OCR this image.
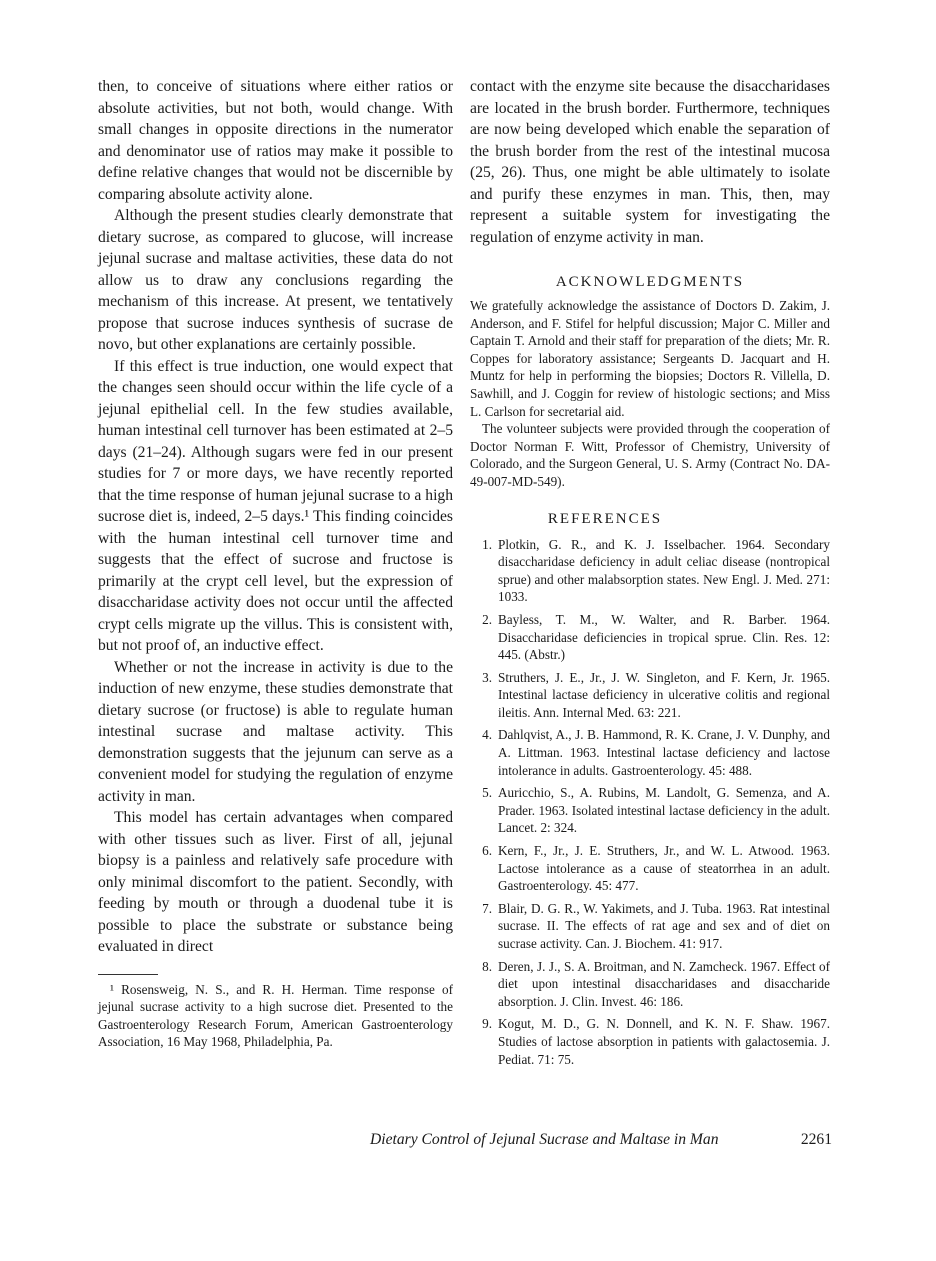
then, to conceive of situations where either ratios or absolute activities, but not both, would change. With small changes in opposite directions in the numerator and denominator use of ratios may make it possible to define relative changes that would not be discernible by comparing absolute activity alone.

Although the present studies clearly demonstrate that dietary sucrose, as compared to glucose, will increase jejunal sucrase and maltase activities, these data do not allow us to draw any conclusions regarding the mechanism of this increase. At present, we tentatively propose that sucrose induces synthesis of sucrase de novo, but other explanations are certainly possible.

If this effect is true induction, one would expect that the changes seen should occur within the life cycle of a jejunal epithelial cell. In the few studies available, human intestinal cell turnover has been estimated at 2–5 days (21–24). Although sugars were fed in our present studies for 7 or more days, we have recently reported that the time response of human jejunal sucrase to a high sucrose diet is, indeed, 2–5 days.¹ This finding coincides with the human intestinal cell turnover time and suggests that the effect of sucrose and fructose is primarily at the crypt cell level, but the expression of disaccharidase activity does not occur until the affected crypt cells migrate up the villus. This is consistent with, but not proof of, an inductive effect.

Whether or not the increase in activity is due to the induction of new enzyme, these studies demonstrate that dietary sucrose (or fructose) is able to regulate human intestinal sucrase and maltase activity. This demonstration suggests that the jejunum can serve as a convenient model for studying the regulation of enzyme activity in man.

This model has certain advantages when compared with other tissues such as liver. First of all, jejunal biopsy is a painless and relatively safe procedure with only minimal discomfort to the patient. Secondly, with feeding by mouth or through a duodenal tube it is possible to place the substrate or substance being evaluated in direct

¹ Rosensweig, N. S., and R. H. Herman. Time response of jejunal sucrase activity to a high sucrose diet. Presented to the Gastroenterology Research Forum, American Gastroenterology Association, 16 May 1968, Philadelphia, Pa.

contact with the enzyme site because the disaccharidases are located in the brush border. Furthermore, techniques are now being developed which enable the separation of the brush border from the rest of the intestinal mucosa (25, 26). Thus, one might be able ultimately to isolate and purify these enzymes in man. This, then, may represent a suitable system for investigating the regulation of enzyme activity in man.

ACKNOWLEDGMENTS

We gratefully acknowledge the assistance of Doctors D. Zakim, J. Anderson, and F. Stifel for helpful discussion; Major C. Miller and Captain T. Arnold and their staff for preparation of the diets; Mr. R. Coppes for laboratory assistance; Sergeants D. Jacquart and H. Muntz for help in performing the biopsies; Doctors R. Villella, D. Sawhill, and J. Coggin for review of histologic sections; and Miss L. Carlson for secretarial aid.

The volunteer subjects were provided through the cooperation of Doctor Norman F. Witt, Professor of Chemistry, University of Colorado, and the Surgeon General, U. S. Army (Contract No. DA-49-007-MD-549).

REFERENCES
1. Plotkin, G. R., and K. J. Isselbacher. 1964. Secondary disaccharidase deficiency in adult celiac disease (nontropical sprue) and other malabsorption states. New Engl. J. Med. 271: 1033.
2. Bayless, T. M., W. Walter, and R. Barber. 1964. Disaccharidase deficiencies in tropical sprue. Clin. Res. 12: 445. (Abstr.)
3. Struthers, J. E., Jr., J. W. Singleton, and F. Kern, Jr. 1965. Intestinal lactase deficiency in ulcerative colitis and regional ileitis. Ann. Internal Med. 63: 221.
4. Dahlqvist, A., J. B. Hammond, R. K. Crane, J. V. Dunphy, and A. Littman. 1963. Intestinal lactase deficiency and lactose intolerance in adults. Gastroenterology. 45: 488.
5. Auricchio, S., A. Rubins, M. Landolt, G. Semenza, and A. Prader. 1963. Isolated intestinal lactase deficiency in the adult. Lancet. 2: 324.
6. Kern, F., Jr., J. E. Struthers, Jr., and W. L. Atwood. 1963. Lactose intolerance as a cause of steatorrhea in an adult. Gastroenterology. 45: 477.
7. Blair, D. G. R., W. Yakimets, and J. Tuba. 1963. Rat intestinal sucrase. II. The effects of rat age and sex and of diet on sucrase activity. Can. J. Biochem. 41: 917.
8. Deren, J. J., S. A. Broitman, and N. Zamcheck. 1967. Effect of diet upon intestinal disaccharidases and disaccharide absorption. J. Clin. Invest. 46: 186.
9. Kogut, M. D., G. N. Donnell, and K. N. F. Shaw. 1967. Studies of lactose absorption in patients with galactosemia. J. Pediat. 71: 75.
Dietary Control of Jejunal Sucrase and Maltase in Man	2261
